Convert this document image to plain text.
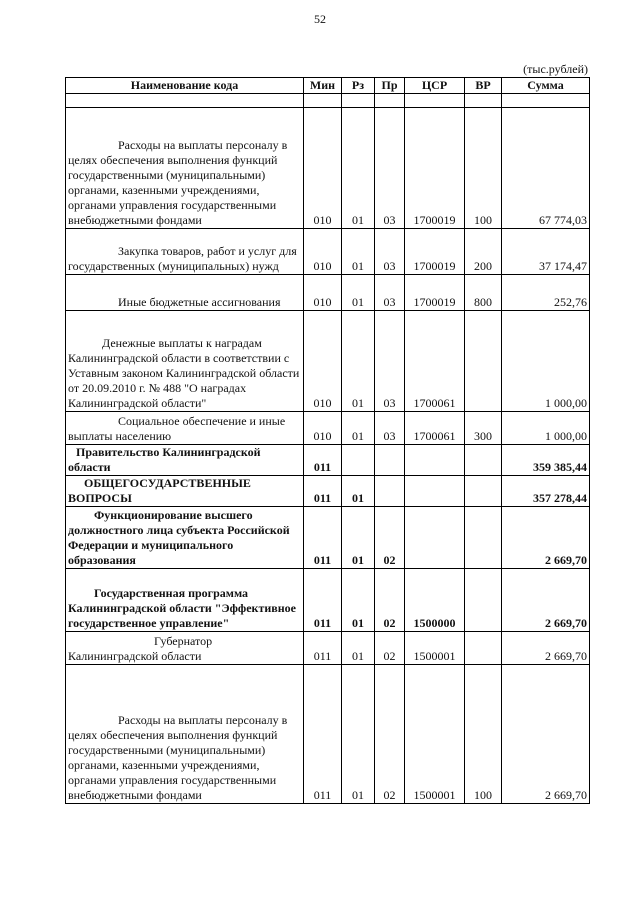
52
(тыс.рублей)
Наименование кода	Мин	Рз	Пр	ЦСР	ВР	Сумма

Расходы на выплаты персоналу в целях обеспечения выполнения функций государственными (муниципальными) органами, казенными учреждениями, органами управления государственными внебюджетными фондами	010	01	03	1700019	100	67 774,03
Закупка товаров, работ и услуг для государственных (муниципальных) нужд	010	01	03	1700019	200	37 174,47
Иные бюджетные ассигнования	010	01	03	1700019	800	252,76
Денежные выплаты к наградам Калининградской области в соответствии с Уставным законом Калининградской области от 20.09.2010 г. № 488 "О наградах Калининградской области"	010	01	03	1700061		1 000,00
Социальное обеспечение и иные выплаты населению	010	01	03	1700061	300	1 000,00
Правительство Калининградской области	011					359 385,44
ОБЩЕГОСУДАРСТВЕННЫЕ ВОПРОСЫ	011	01				357 278,44
Функционирование высшего должностного лица субъекта Российской Федерации и муниципального образования	011	01	02			2 669,70
Государственная программа Калининградской области "Эффективное государственное управление"	011	01	02	1500000		2 669,70
Губернатор Калининградской области	011	01	02	1500001		2 669,70
Расходы на выплаты персоналу в целях обеспечения выполнения функций государственными (муниципальными) органами, казенными учреждениями, органами управления государственными внебюджетными фондами	011	01	02	1500001	100	2 669,70
